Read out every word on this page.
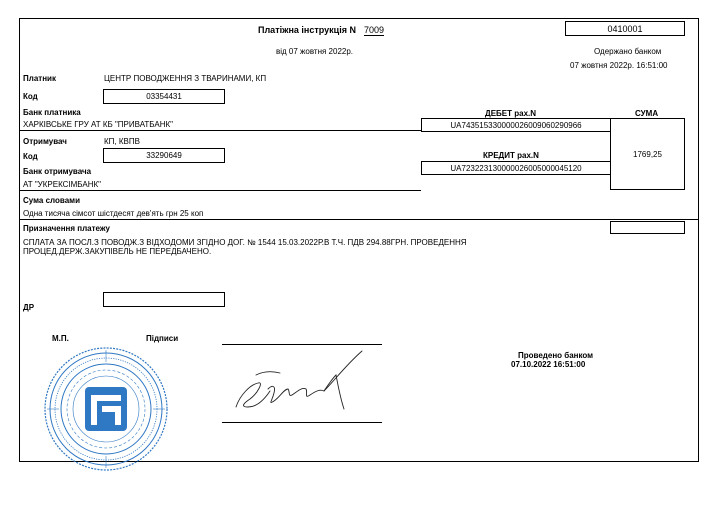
Платіжна інструкція N 7009	0410001
від 07 жовтня 2022р.	Одержано банком
07 жовтня 2022р. 16:51:00
Платник	ЦЕНТР ПОВОДЖЕННЯ З ТВАРИНАМИ, КП
Код	03354431
Банк платника
ХАРКІВСЬКЕ ГРУ АТ КБ "ПРИВАТБАНК"
Отримувач	КП, КВПВ
Код	33290649
Банк отримувача
АТ "УКРЕКСІМБАНК"
ДЕБЕТ рах.N	СУМА
UA743515330000026009060290966
КРЕДИТ рах.N
UA723223130000026005000045120
1769,25
Сума словами
Одна тисяча сімсот шістдесят дев'ять грн 25 коп
Призначення платежу
СПЛАТА ЗА ПОСЛ.З ПОВОДЖ.З ВІДХОДОМИ ЗГІДНО ДОГ. № 1544 15.03.2022Р.В Т.Ч. ПДВ 294.88ГРН. ПРОВЕДЕННЯ
ПРОЦЕД.ДЕРЖ.ЗАКУПІВЕЛЬ НЕ ПЕРЕДБАЧЕНО.
ДР
М.П.	Підписи
Проведено банком
07.10.2022 16:51:00
